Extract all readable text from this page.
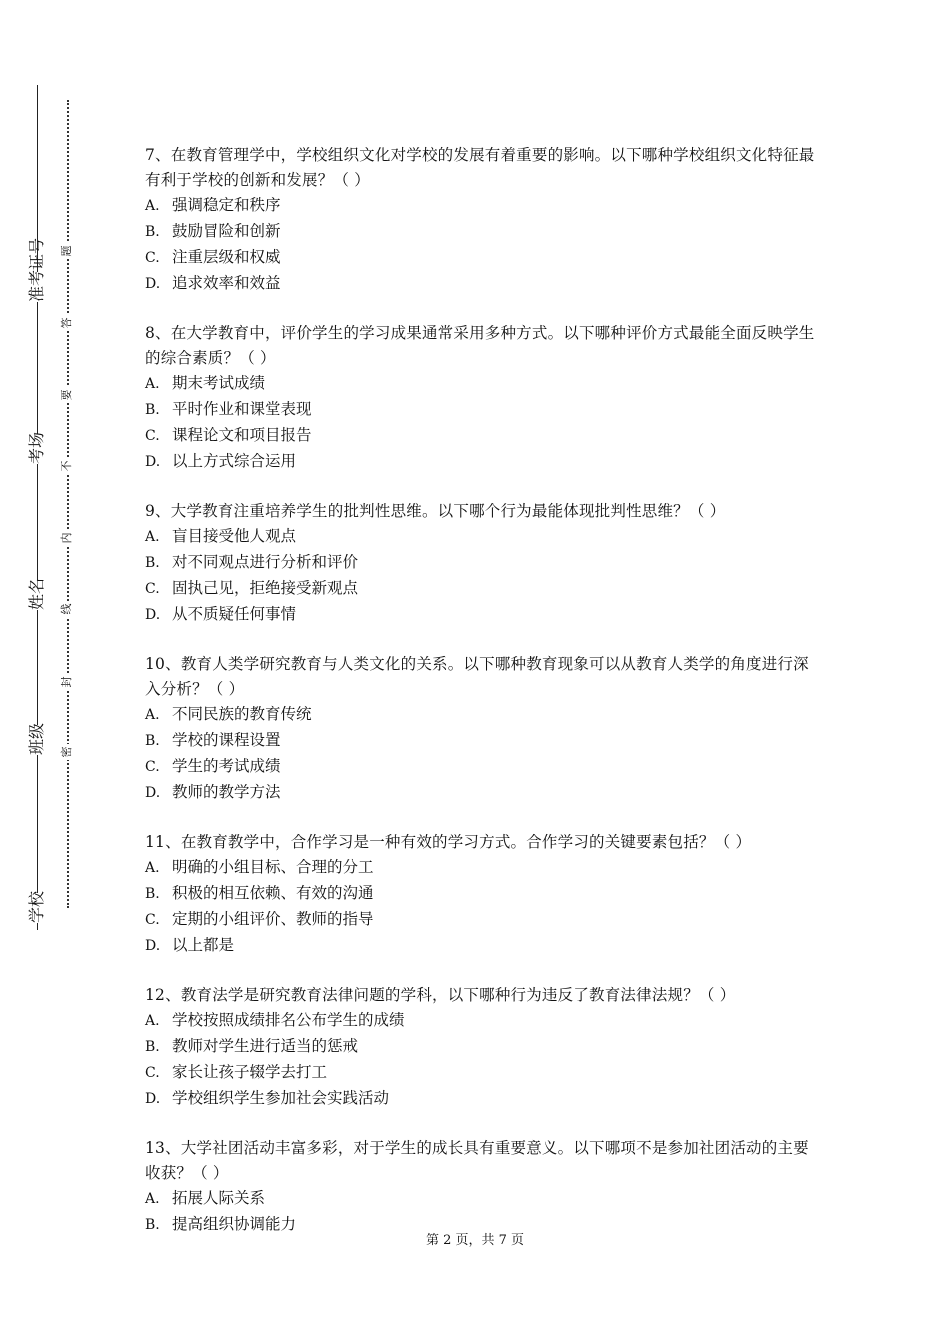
学校
班级
姓名
考场
准考证号
密
封
线
内
不
要
答
题

7、在教育管理学中，学校组织文化对学校的发展有着重要的影响。以下哪种学校组织文化特征最有利于学校的创新和发展？（ ）

A. 强调稳定和秩序

B. 鼓励冒险和创新

C. 注重层级和权威

D. 追求效率和效益

8、在大学教育中，评价学生的学习成果通常采用多种方式。以下哪种评价方式最能全面反映学生的综合素质？（ ）

A. 期末考试成绩

B. 平时作业和课堂表现

C. 课程论文和项目报告

D. 以上方式综合运用

9、大学教育注重培养学生的批判性思维。以下哪个行为最能体现批判性思维？（ ）

A. 盲目接受他人观点

B. 对不同观点进行分析和评价

C. 固执己见，拒绝接受新观点

D. 从不质疑任何事情

10、教育人类学研究教育与人类文化的关系。以下哪种教育现象可以从教育人类学的角度进行深入分析？（ ）

A. 不同民族的教育传统

B. 学校的课程设置

C. 学生的考试成绩

D. 教师的教学方法

11、在教育教学中，合作学习是一种有效的学习方式。合作学习的关键要素包括？（ ）

A. 明确的小组目标、合理的分工

B. 积极的相互依赖、有效的沟通

C. 定期的小组评价、教师的指导

D. 以上都是

12、教育法学是研究教育法律问题的学科，以下哪种行为违反了教育法律法规？（ ）

A. 学校按照成绩排名公布学生的成绩

B. 教师对学生进行适当的惩戒

C. 家长让孩子辍学去打工

D. 学校组织学生参加社会实践活动

13、大学社团活动丰富多彩，对于学生的成长具有重要意义。以下哪项不是参加社团活动的主要收获？（ ）

A. 拓展人际关系

B. 提高组织协调能力

第 2 页，共 7 页
